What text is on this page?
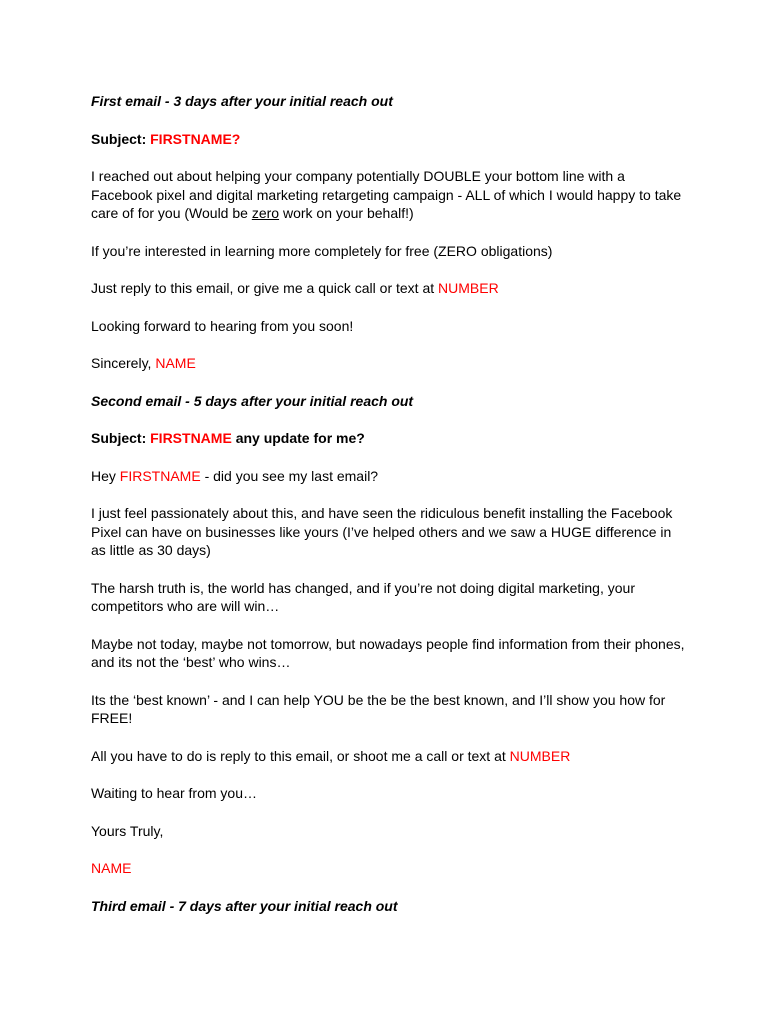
First email - 3 days after your initial reach out

Subject: FIRSTNAME?

I reached out about helping your company potentially DOUBLE your bottom line with a

Facebook pixel and digital marketing retargeting campaign - ALL of which I would happy to take

care of for you (Would be zero work on your behalf!)

If you’re interested in learning more completely for free (ZERO obligations)

Just reply to this email, or give me a quick call or text at NUMBER

Looking forward to hearing from you soon!

Sincerely, NAME

Second email - 5 days after your initial reach out

Subject: FIRSTNAME any update for me?

Hey FIRSTNAME - did you see my last email?

I just feel passionately about this, and have seen the ridiculous benefit installing the Facebook

Pixel can have on businesses like yours (I’ve helped others and we saw a HUGE difference in

as little as 30 days)

The harsh truth is, the world has changed, and if you’re not doing digital marketing, your

competitors who are will win…

Maybe not today, maybe not tomorrow, but nowadays people find information from their phones,

and its not the ‘best’ who wins…

Its the ‘best known’ - and I can help YOU be the be the best known, and I’ll show you how for

FREE!

All you have to do is reply to this email, or shoot me a call or text at NUMBER

Waiting to hear from you…

Yours Truly,

NAME

Third email - 7 days after your initial reach out
